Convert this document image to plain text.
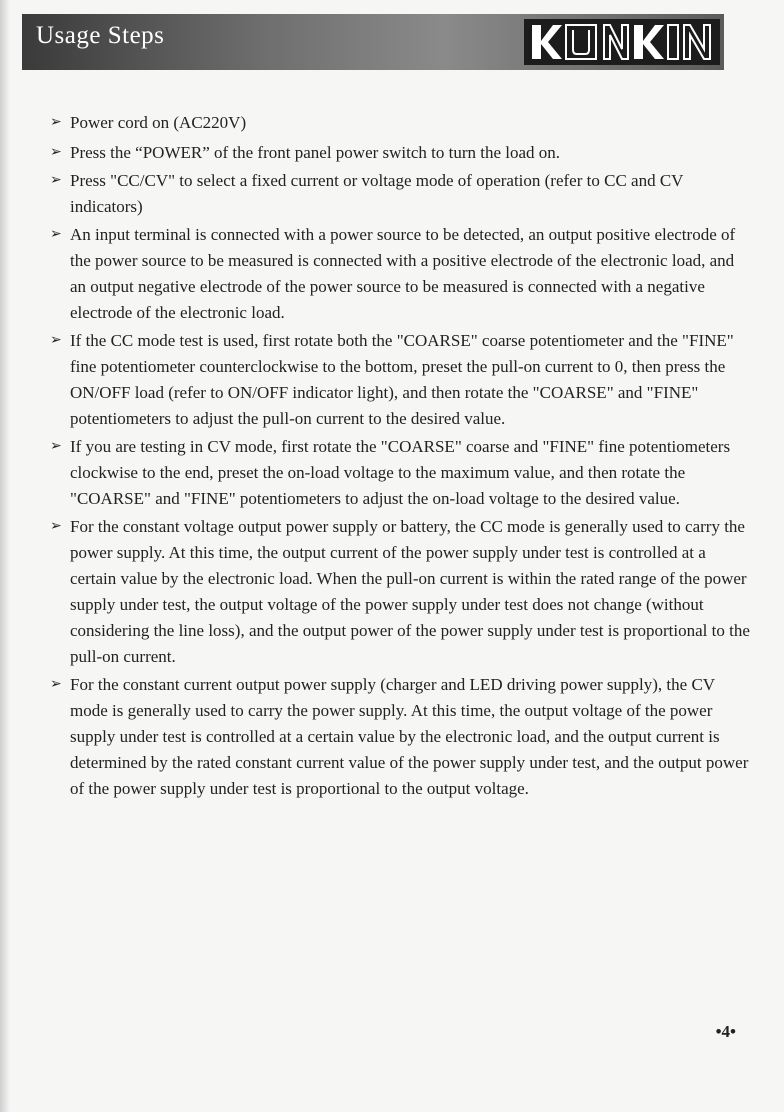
Usage Steps
KUNKIN

➢ Power cord on (AC220V)

➢ Press the “POWER” of the front panel power switch to turn the load on.

➢ Press "CC/CV" to select a fixed current or voltage mode of operation (refer to CC and CV indicators)

➢ An input terminal is connected with a power source to be detected, an output positive electrode of the power source to be measured is connected with a positive electrode of the electronic load, and an output negative electrode of the power source to be measured is connected with a negative electrode of the electronic load.

➢ If the CC mode test is used, first rotate both the "COARSE" coarse potentiometer and the "FINE" fine potentiometer counterclockwise to the bottom, preset the pull-on current to 0, then press the ON/OFF load (refer to ON/OFF indicator light), and then rotate the "COARSE" and "FINE" potentiometers to adjust the pull-on current to the desired value.

➢ If you are testing in CV mode, first rotate the "COARSE" coarse and "FINE" fine potentiometers clockwise to the end, preset the on-load voltage to the maximum value, and then rotate the "COARSE" and "FINE" potentiometers to adjust the on-load voltage to the desired value.

➢ For the constant voltage output power supply or battery, the CC mode is generally used to carry the power supply. At this time, the output current of the power supply under test is controlled at a certain value by the electronic load. When the pull-on current is within the rated range of the power supply under test, the output voltage of the power supply under test does not change (without considering the line loss), and the output power of the power supply under test is proportional to the pull-on current.

➢ For the constant current output power supply (charger and LED driving power supply), the CV mode is generally used to carry the power supply. At this time, the output voltage of the power supply under test is controlled at a certain value by the electronic load, and the output current is determined by the rated constant current value of the power supply under test, and the output power of the power supply under test is proportional to the output voltage.

•4•
